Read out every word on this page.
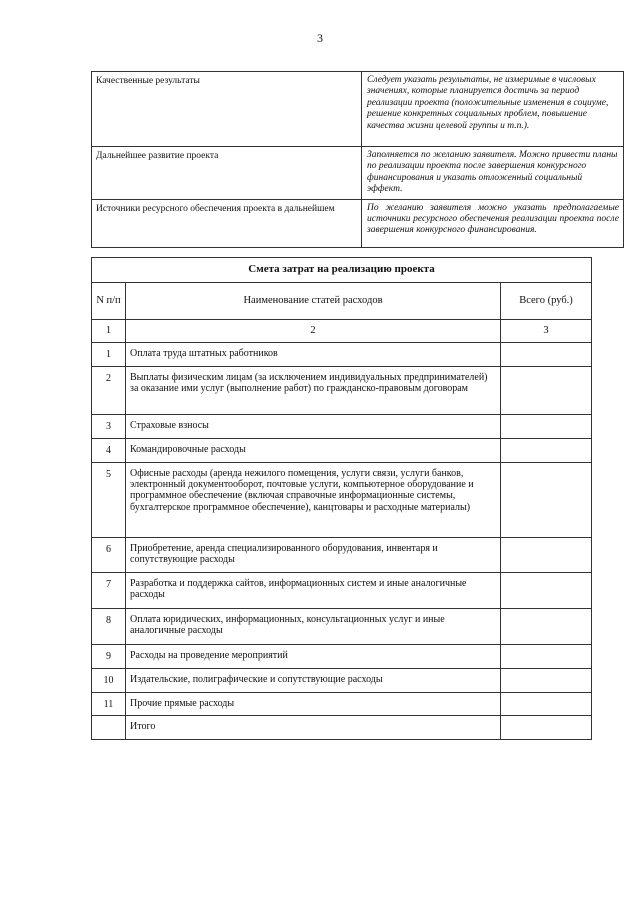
3
Качественные результаты	Следует указать результаты, не измеримые в числовых значениях, которые планируется достичь за период реализации проекта (положительные изменения в социуме, решение конкретных социальных проблем, повышение качества жизни целевой группы и т.п.).
Дальнейшее развитие проекта	Заполняется по желанию заявителя. Можно привести планы по реализации проекта после завершения конкурсного финансирования и указать отложенный социальный эффект.
Источники ресурсного обеспечения проекта в дальнейшем	По желанию заявителя можно указать предполагаемые источники ресурсного обеспечения реализации проекта после завершения конкурсного финансирования.
Смета затрат на реализацию проекта		
N п/п	Наименование статей расходов	Всего (руб.)
1	2	3
1	Оплата труда штатных работников	
2	Выплаты физическим лицам (за исключением индивидуальных предпринимателей) за оказание ими услуг (выполнение работ) по гражданско-правовым договорам	
3	Страховые взносы	
4	Командировочные расходы	
5	Офисные расходы (аренда нежилого помещения, услуги связи, услуги банков, электронный документооборот, почтовые услуги, компьютерное оборудование и программное обеспечение (включая справочные информационные системы, бухгалтерское программное обеспечение), канцтовары и расходные материалы)	
6	Приобретение, аренда специализированного оборудования, инвентаря и сопутствующие расходы	
7	Разработка и поддержка сайтов, информационных систем и иные аналогичные расходы	
8	Оплата юридических, информационных, консультационных услуг и иные аналогичные расходы	
9	Расходы на проведение мероприятий	
10	Издательские, полиграфические и сопутствующие расходы	
11	Прочие прямые расходы	
	Итого	
